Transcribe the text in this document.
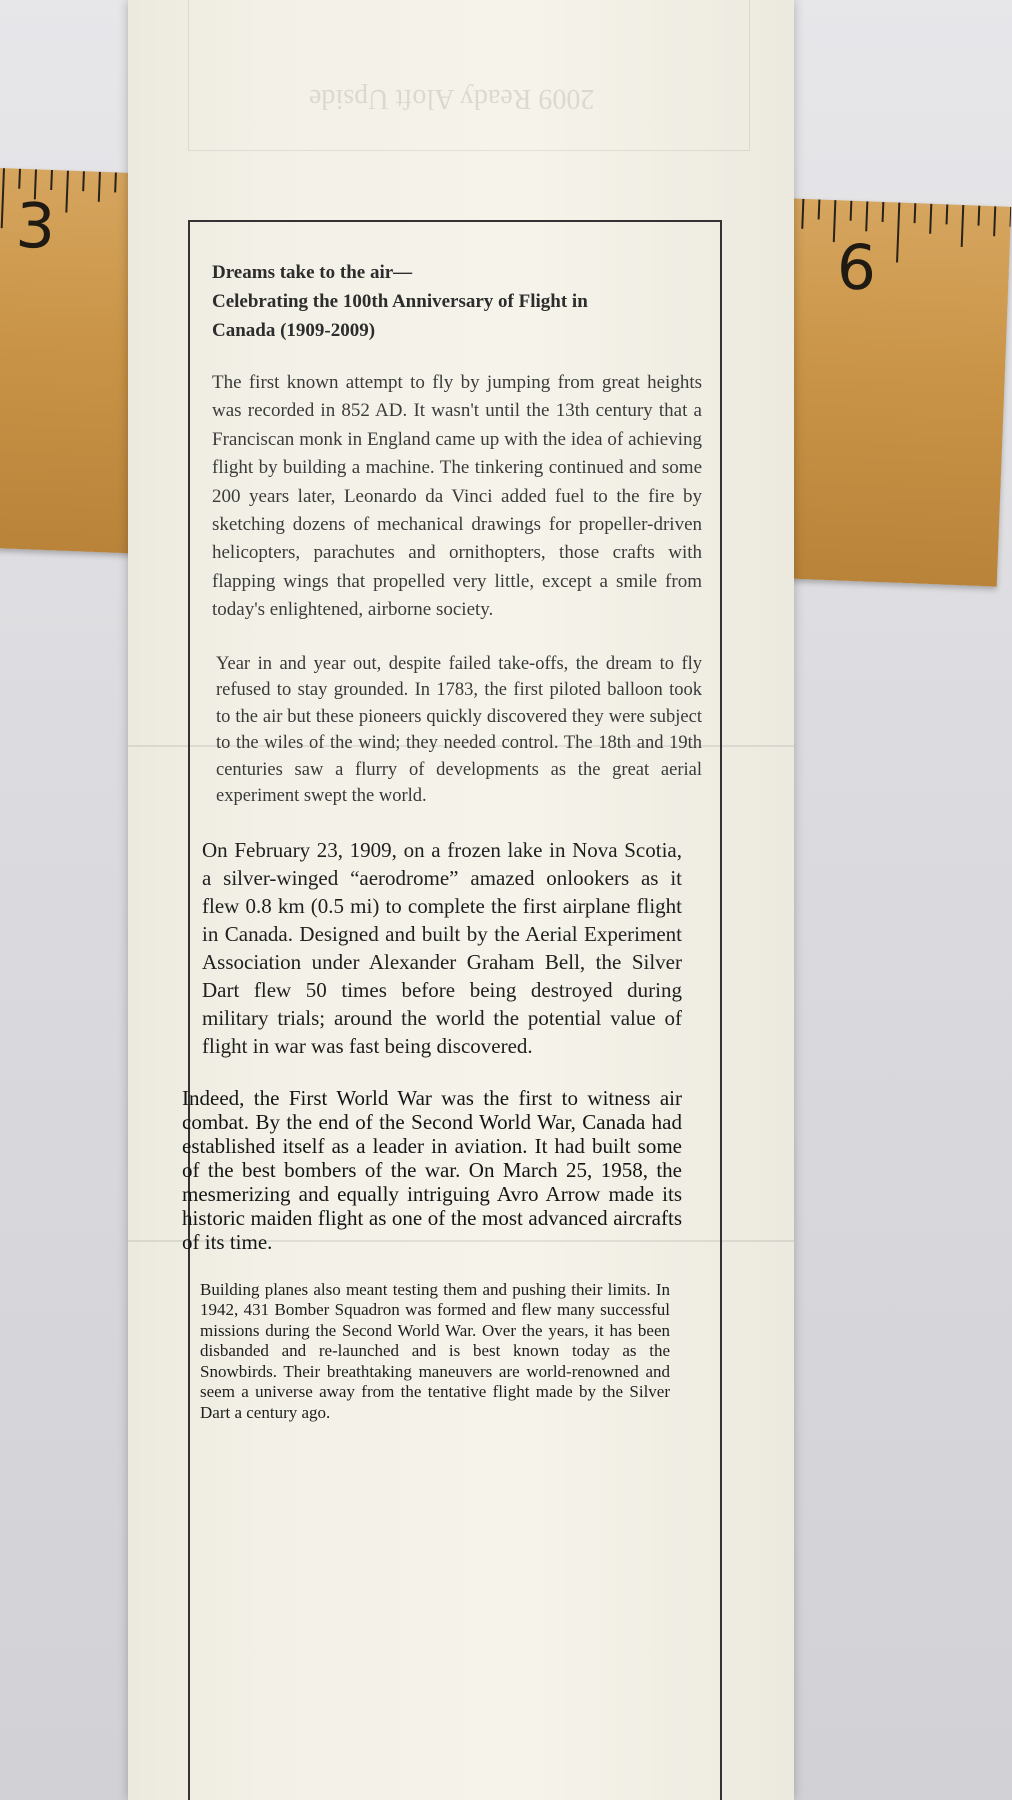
3
6
2009 Ready Aloft Upside
Dreams take to the air—
Celebrating the 100th Anniversary of Flight in
Canada (1909-2009)

The first known attempt to fly by jumping from great heights was recorded in 852 AD. It wasn't until the 13th century that a Franciscan monk in England came up with the idea of achieving flight by building a machine. The tinkering continued and some 200 years later, Leonardo da Vinci added fuel to the fire by sketching dozens of mechanical drawings for propeller-driven helicopters, parachutes and ornithopters, those crafts with flapping wings that propelled very little, except a smile from today's enlightened, airborne society.

Year in and year out, despite failed take-offs, the dream to fly refused to stay grounded. In 1783, the first piloted balloon took to the air but these pioneers quickly discovered they were subject to the wiles of the wind; they needed control. The 18th and 19th centuries saw a flurry of developments as the great aerial experiment swept the world.

On February 23, 1909, on a frozen lake in Nova Scotia, a silver-winged “aerodrome” amazed onlookers as it flew 0.8 km (0.5 mi) to complete the first airplane flight in Canada. Designed and built by the Aerial Experiment Association under Alexander Graham Bell, the Silver Dart flew 50 times before being destroyed during military trials; around the world the potential value of flight in war was fast being discovered.

Indeed, the First World War was the first to witness air combat. By the end of the Second World War, Canada had established itself as a leader in aviation. It had built some of the best bombers of the war. On March 25, 1958, the mesmerizing and equally intriguing Avro Arrow made its historic maiden flight as one of the most advanced aircrafts of its time.

Building planes also meant testing them and pushing their limits. In 1942, 431 Bomber Squadron was formed and flew many successful missions during the Second World War. Over the years, it has been disbanded and re-launched and is best known today as the Snowbirds. Their breathtaking maneuvers are world-renowned and seem a universe away from the tentative flight made by the Silver Dart a century ago.
